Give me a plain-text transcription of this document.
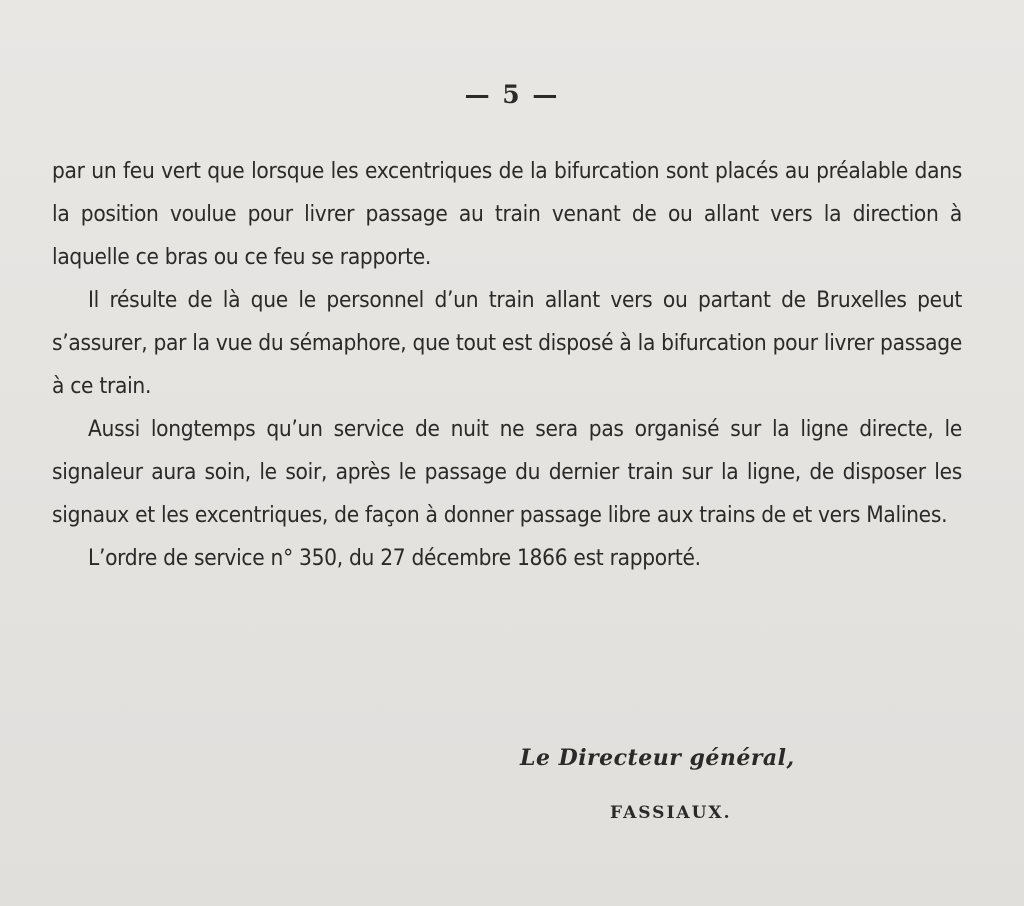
— 5 —

par un feu vert que lorsque les excentriques de la bifurcation sont placés au préalable dans la position voulue pour livrer passage au train venant de ou allant vers la direction à laquelle ce bras ou ce feu se rapporte.

Il résulte de là que le personnel d’un train allant vers ou partant de Bruxelles peut s’assurer, par la vue du sémaphore, que tout est disposé à la bifurcation pour livrer passage à ce train.

Aussi longtemps qu’un service de nuit ne sera pas organisé sur la ligne directe, le signaleur aura soin, le soir, après le passage du dernier train sur la ligne, de disposer les signaux et les excentriques, de façon à donner passage libre aux trains de et vers Malines.

L’ordre de service n° 350, du 27 décembre 1866 est rapporté.

Le Directeur général,
FASSIAUX.
